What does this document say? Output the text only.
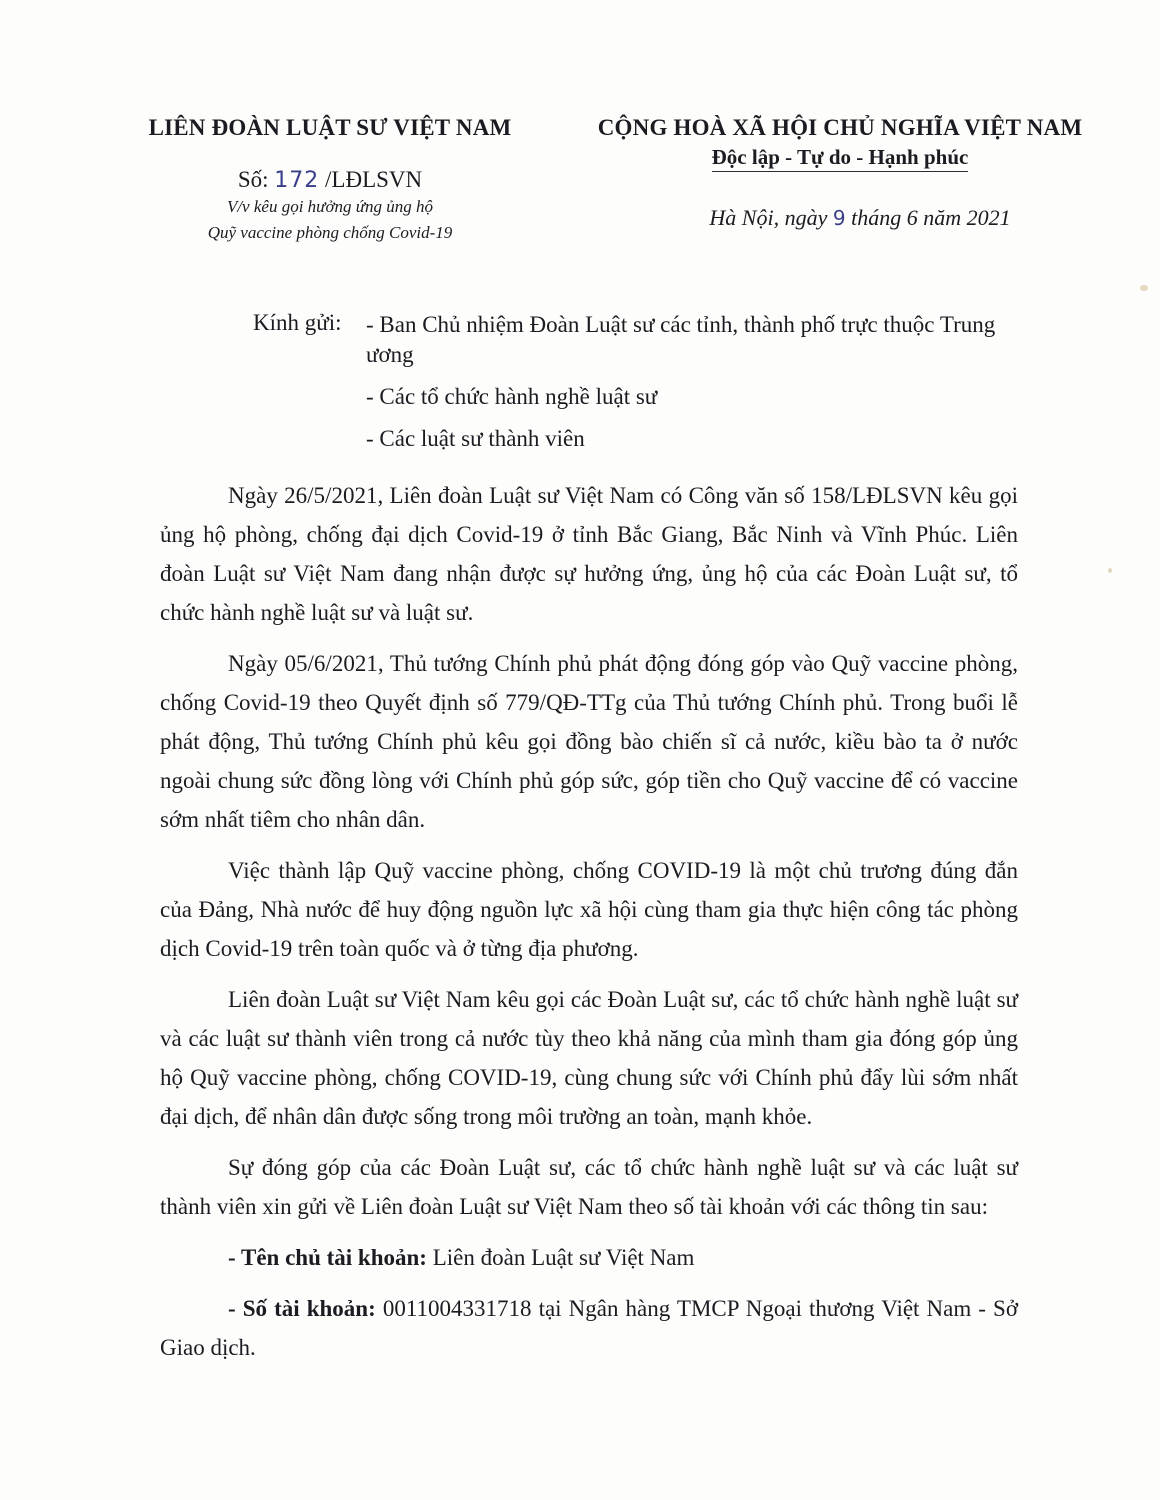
LIÊN ĐOÀN LUẬT SƯ VIỆT NAM
Số: 172 /LĐLSVN
V/v kêu gọi hưởng ứng ủng hộ
Quỹ vaccine phòng chống Covid-19
CỘNG HOÀ XÃ HỘI CHỦ NGHĨA VIỆT NAM
Độc lập - Tự do - Hạnh phúc
Hà Nội, ngày 9 tháng 6 năm 2021
Kính gửi:	- Ban Chủ nhiệm Đoàn Luật sư các tỉnh, thành phố trực thuộc Trung ương
- Các tổ chức hành nghề luật sư
- Các luật sư thành viên

Ngày 26/5/2021, Liên đoàn Luật sư Việt Nam có Công văn số 158/LĐLSVN kêu gọi ủng hộ phòng, chống đại dịch Covid-19 ở tỉnh Bắc Giang, Bắc Ninh và Vĩnh Phúc. Liên đoàn Luật sư Việt Nam đang nhận được sự hưởng ứng, ủng hộ của các Đoàn Luật sư, tổ chức hành nghề luật sư và luật sư.

Ngày 05/6/2021, Thủ tướng Chính phủ phát động đóng góp vào Quỹ vaccine phòng, chống Covid-19 theo Quyết định số 779/QĐ-TTg của Thủ tướng Chính phủ. Trong buổi lễ phát động, Thủ tướng Chính phủ kêu gọi đồng bào chiến sĩ cả nước, kiều bào ta ở nước ngoài chung sức đồng lòng với Chính phủ góp sức, góp tiền cho Quỹ vaccine để có vaccine sớm nhất tiêm cho nhân dân.

Việc thành lập Quỹ vaccine phòng, chống COVID-19 là một chủ trương đúng đắn của Đảng, Nhà nước để huy động nguồn lực xã hội cùng tham gia thực hiện công tác phòng dịch Covid-19 trên toàn quốc và ở từng địa phương.

Liên đoàn Luật sư Việt Nam kêu gọi các Đoàn Luật sư, các tổ chức hành nghề luật sư và các luật sư thành viên trong cả nước tùy theo khả năng của mình tham gia đóng góp ủng hộ Quỹ vaccine phòng, chống COVID-19, cùng chung sức với Chính phủ đẩy lùi sớm nhất đại dịch, để nhân dân được sống trong môi trường an toàn, mạnh khỏe.

Sự đóng góp của các Đoàn Luật sư, các tổ chức hành nghề luật sư và các luật sư thành viên xin gửi về Liên đoàn Luật sư Việt Nam theo số tài khoản với các thông tin sau:

- Tên chủ tài khoản: Liên đoàn Luật sư Việt Nam

- Số tài khoản: 0011004331718 tại Ngân hàng TMCP Ngoại thương Việt Nam - Sở Giao dịch.
